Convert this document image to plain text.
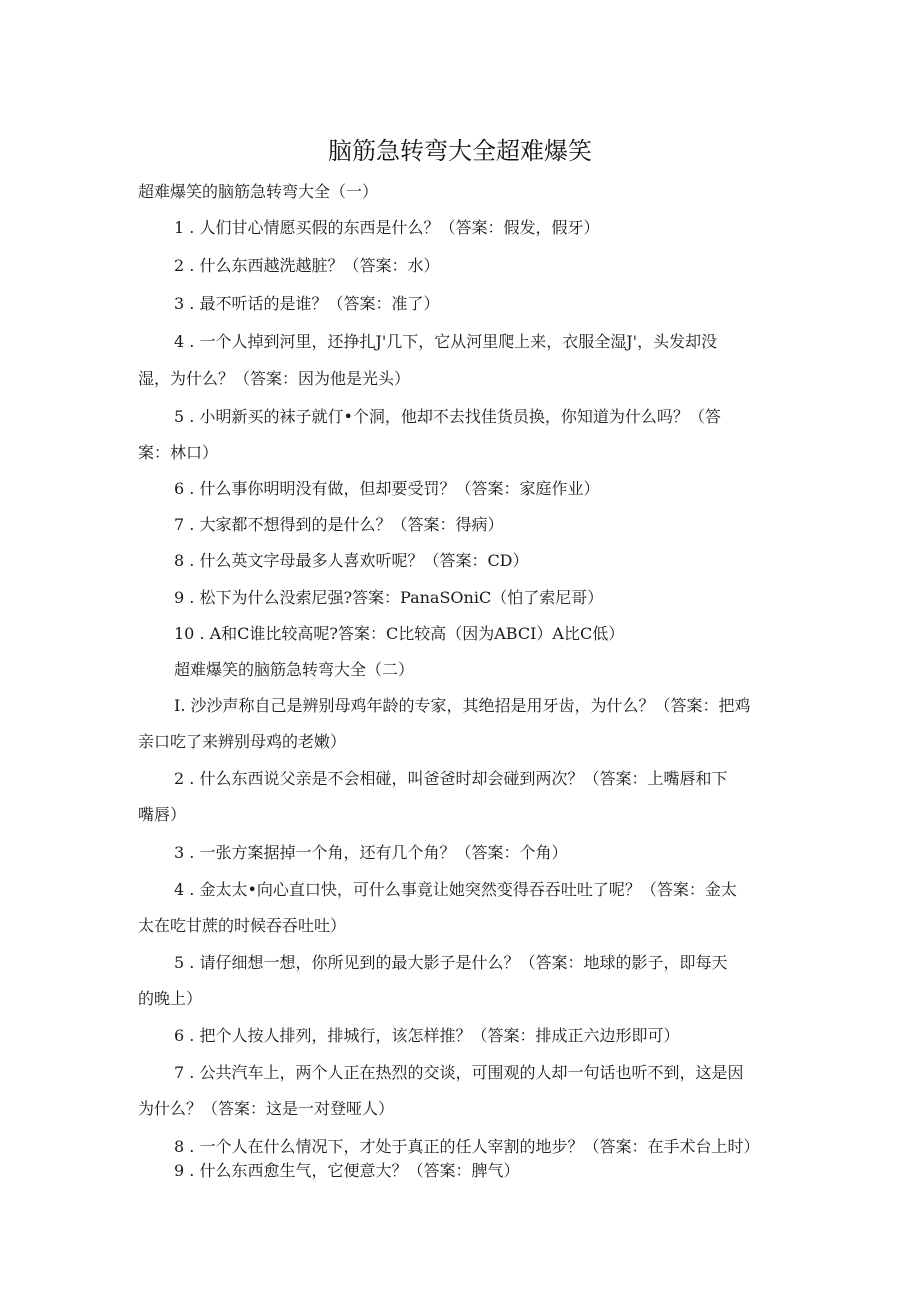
脑筋急转弯大全超难爆笑
超难爆笑的脑筋急转弯大全（一）
1 . 人们甘心情愿买假的东西是什么？（答案：假发，假牙）
2 . 什么东西越洗越脏？（答案：水）
3 . 最不听话的是谁？（答案：准了）
4 . 一个人掉到河里，还挣扎J'几下，它从河里爬上来，衣服全湿J'，头发却没
湿，为什么？（答案：因为他是光头）
5 . 小明新买的袜子就仃•个洞，他却不去找佳货员换，你知道为什么吗？（答
案：林口）
6 . 什么事你明明没有做，但却要受罚？（答案：家庭作业）
7 . 大家都不想得到的是什么？（答案：得病）
8 . 什么英文字母最多人喜欢听呢？（答案：CD）
9 . 松下为什么没索尼强?答案：PanaSOniC（怕了索尼哥）
10 . A和C谁比较高呢?答案：C比较高（因为ABCI）A比C低）
超难爆笑的脑筋急转弯大全（二）
I. 沙沙声称自己是辨别母鸡年龄的专家，其绝招是用牙齿，为什么？（答案：把鸡
亲口吃了来辨别母鸡的老嫩）
2 . 什么东西说父亲是不会相碰，叫爸爸时却会碰到两次？（答案：上嘴唇和下
嘴唇）
3 . 一张方案据掉一个角，还有几个角？（答案：个角）
4 . 金太太•向心直口快，可什么事竟让她突然变得吞吞吐吐了呢？（答案：金太
太在吃甘蔗的时候吞吞吐吐）
5 . 请仔细想一想，你所见到的最大影子是什么？（答案：地球的影子，即每天
的晚上）
6 . 把个人按人排列，排城行，该怎样推？（答案：排成正六边形即可）
7 . 公共汽车上，两个人正在热烈的交谈，可围观的人却一句话也听不到，这是因
为什么？（答案：这是一对登哑人）
8 . 一个人在什么情况下，才处于真正的任人宰割的地步？（答案：在手术台上时）
9 . 什么东西愈生气，它便意大？（答案：脾气）
